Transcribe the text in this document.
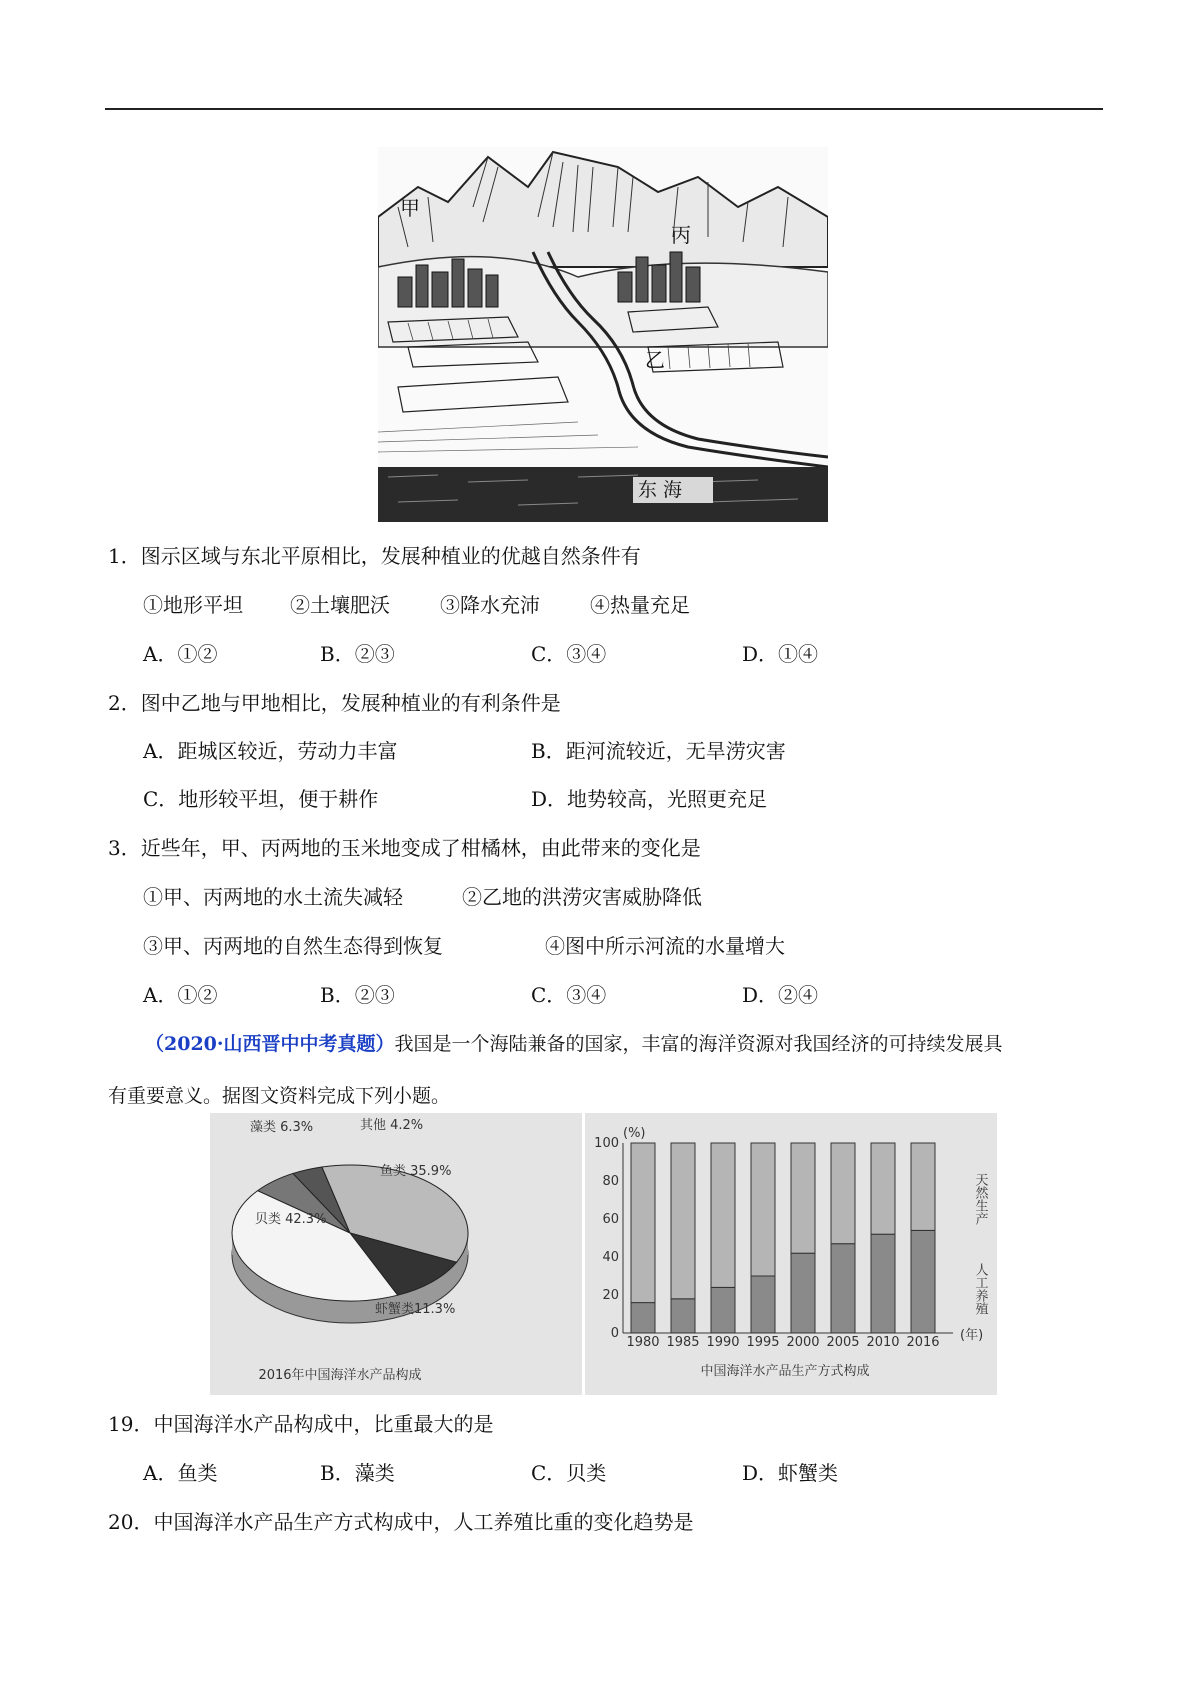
甲
丙
乙
东 海
1．图示区域与东北平原相比，发展种植业的优越自然条件有
①地形平坦 ②土壤肥沃	③降水充沛	④热量充足
A．①②	B．②③	C．③④	D．①④
2．图中乙地与甲地相比，发展种植业的有利条件是
A．距城区较近，劳动力丰富	B．距河流较近，无旱涝灾害
C．地形较平坦，便于耕作	D．地势较高，光照更充足
3．近些年，甲、丙两地的玉米地变成了柑橘林，由此带来的变化是
①甲、丙两地的水土流失减轻	②乙地的洪涝灾害威胁降低
③甲、丙两地的自然生态得到恢复	④图中所示河流的水量增大
A．①②	B．②③	C．③④	D．②④
（2020·山西晋中中考真题）我国是一个海陆兼备的国家，丰富的海洋资源对我国经济的可持续发展具
有重要意义。据图文资料完成下列小题。
藻类 6.3%	其他 4.2%
鱼类 35.9%
虾蟹类11.3%
贝类 42.3%
2016年中国海洋水产品构成
(%)
0
20
40
60
80
100
1980 1985 1990 1995 2000 2005 2010 2016 (年)
人工养殖
天然生产
中国海洋水产品生产方式构成
19．中国海洋水产品构成中，比重最大的是
A．鱼类	B．藻类	C．贝类	D．虾蟹类
20．中国海洋水产品生产方式构成中，人工养殖比重的变化趋势是
